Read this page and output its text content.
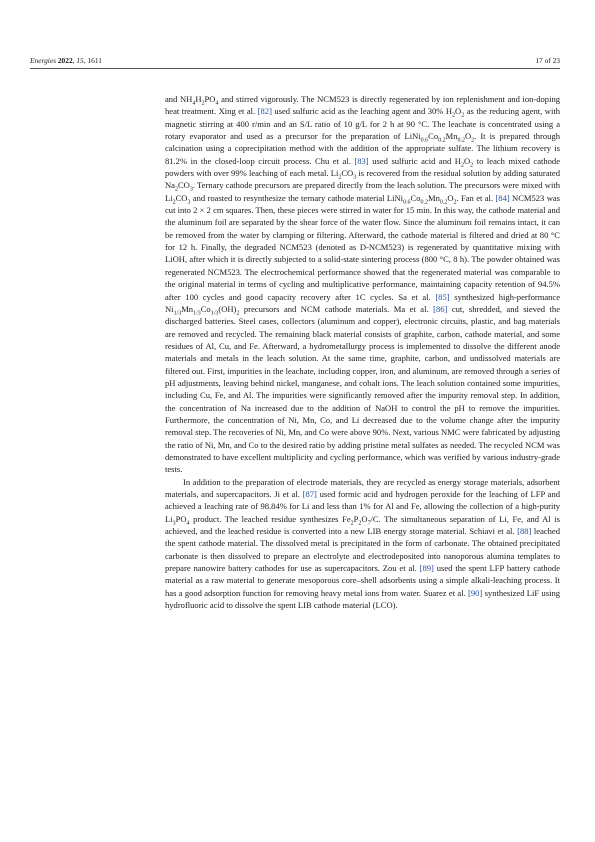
Energies 2022, 15, 1611	17 of 23

and $NH_4H_2PO_4$ and stirred vigorously. The NCM523 is directly regenerated by ion replenishment and ion-doping heat treatment. Xing et al. [82] used sulfuric acid as the leaching agent and 30% $H_2O_2$ as the reducing agent, with magnetic stirring at 400 r/min and an S/L ratio of 10 g/L for 2 h at 90 °C. The leachate is concentrated using a rotary evaporator and used as a precursor for the preparation of $LiNi_{0.6}Co_{0.2}Mn_{0.2}O_2$. It is prepared through calcination using a coprecipitation method with the addition of the appropriate sulfate. The lithium recovery is 81.2% in the closed-loop circuit process. Chu et al. [83] used sulfuric acid and $H_2O_2$ to leach mixed cathode powders with over 99% leaching of each metal. $Li_2CO_3$ is recovered from the residual solution by adding saturated $Na_2CO_3$. Ternary cathode precursors are prepared directly from the leach solution. The precursors were mixed with $Li_2CO_3$ and roasted to resynthesize the ternary cathode material $LiNi_{0.6}Co_{0.2}Mn_{0.2}O_2$. Fan et al. [84] NCM523 was cut into 2 × 2 cm squares. Then, these pieces were stirred in water for 15 min. In this way, the cathode material and the aluminum foil are separated by the shear force of the water flow. Since the aluminum foil remains intact, it can be removed from the water by clamping or filtering. Afterward, the cathode material is filtered and dried at 80 °C for 12 h. Finally, the degraded NCM523 (denoted as D-NCM523) is regenerated by quantitative mixing with LiOH, after which it is directly subjected to a solid-state sintering process (800 °C, 8 h). The powder obtained was regenerated NCM523. The electrochemical performance showed that the regenerated material was comparable to the original material in terms of cycling and multiplicative performance, maintaining capacity retention of 94.5% after 100 cycles and good capacity recovery after 1C cycles. Sa et al. [85] synthesized high-performance $Ni_{1/3}Mn_{1/3}Co_{1/3}(OH)_2$ precursors and NCM cathode materials. Ma et al. [86] cut, shredded, and sieved the discharged batteries. Steel cases, collectors (aluminum and copper), electronic circuits, plastic, and bag materials are removed and recycled. The remaining black material consists of graphite, carbon, cathode material, and some residues of Al, Cu, and Fe. Afterward, a hydrometallurgy process is implemented to dissolve the different anode materials and metals in the leach solution. At the same time, graphite, carbon, and undissolved materials are filtered out. First, impurities in the leachate, including copper, iron, and aluminum, are removed through a series of pH adjustments, leaving behind nickel, manganese, and cobalt ions. The leach solution contained some impurities, including Cu, Fe, and Al. The impurities were significantly removed after the impurity removal step. In addition, the concentration of Na increased due to the addition of NaOH to control the pH to remove the impurities. Furthermore, the concentration of Ni, Mn, Co, and Li decreased due to the volume change after the impurity removal step. The recoveries of Ni, Mn, and Co were above 90%. Next, various NMC were fabricated by adjusting the ratio of Ni, Mn, and Co to the desired ratio by adding pristine metal sulfates as needed. The recycled NCM was demonstrated to have excellent multiplicity and cycling performance, which was verified by various industry-grade tests.

In addition to the preparation of electrode materials, they are recycled as energy storage materials, adsorbent materials, and supercapacitors. Ji et al. [87] used formic acid and hydrogen peroxide for the leaching of LFP and achieved a leaching rate of 98.84% for Li and less than 1% for Al and Fe, allowing the collection of a high-purity $Li_3PO_4$ product. The leached residue synthesizes $Fe_2P_2O_7/C$. The simultaneous separation of Li, Fe, and Al is achieved, and the leached residue is converted into a new LIB energy storage material. Schiavi et al. [88] leached the spent cathode material. The dissolved metal is precipitated in the form of carbonate. The obtained precipitated carbonate is then dissolved to prepare an electrolyte and electrodeposited into nanoporous alumina templates to prepare nanowire battery cathodes for use as supercapacitors. Zou et al. [89] used the spent LFP battery cathode material as a raw material to generate mesoporous core–shell adsorbents using a simple alkali-leaching process. It has a good adsorption function for removing heavy metal ions from water. Suarez et al. [90] synthesized LiF using hydrofluoric acid to dissolve the spent LIB cathode material (LCO).
